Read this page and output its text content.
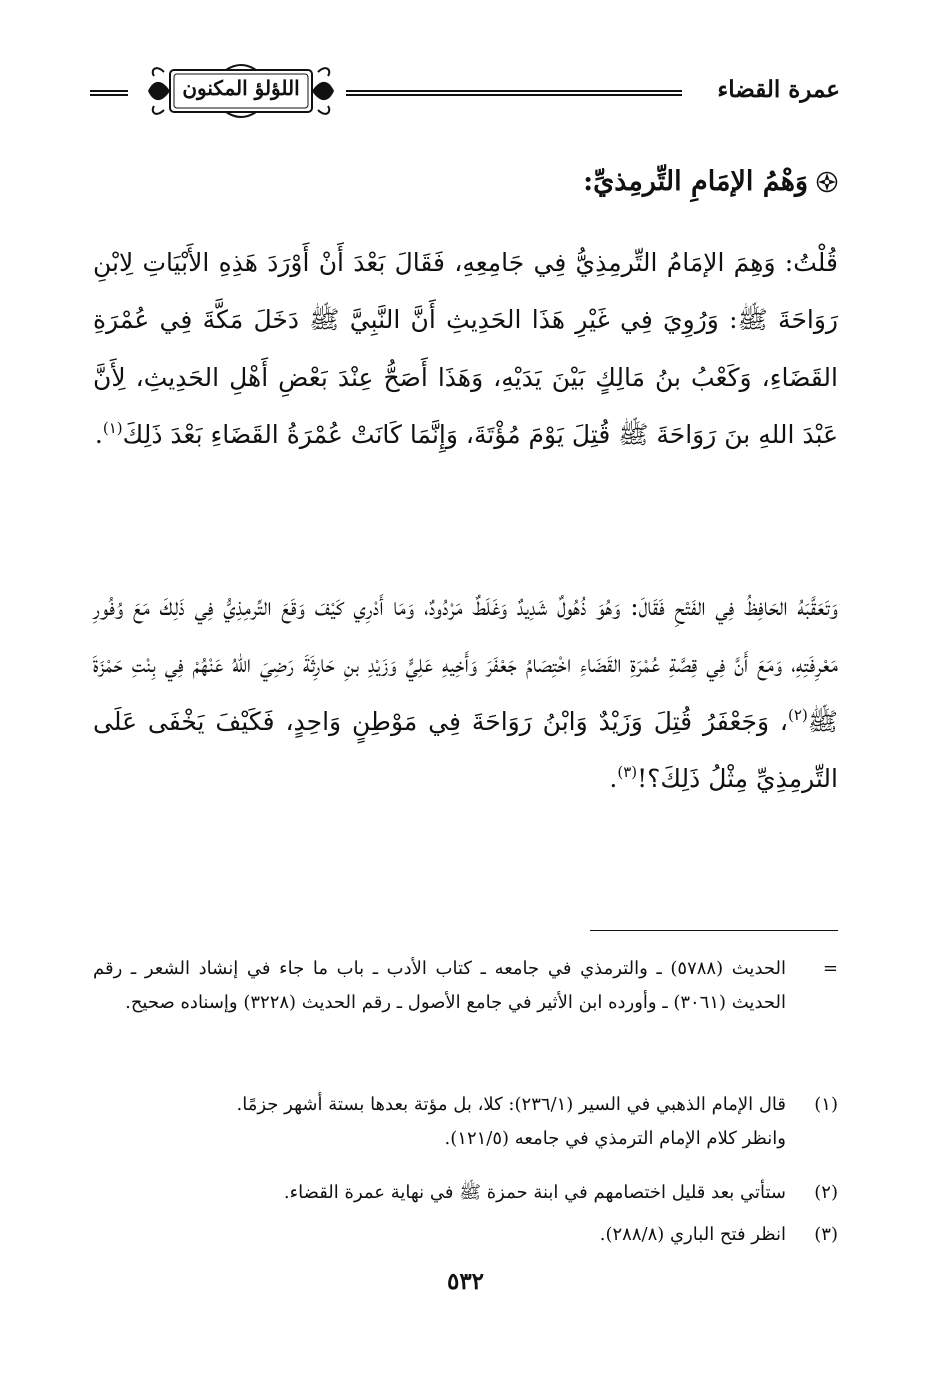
عمرة القضاء
اللؤلؤ المكنون
وَهْمُ الإمَامِ التِّرمِذيِّ:

قُلْتُ: وَهِمَ الإمَامُ التِّرمِذِيُّ فِي جَامِعِهِ، فَقَالَ بَعْدَ أَنْ أَوْرَدَ هَذِهِ الأَبْيَاتِ لِابْنِ رَوَاحَةَ ﷺ: وَرُوِيَ فِي غَيْرِ هَذَا الحَدِيثِ أَنَّ النَّبِيَّ ﷺ دَخَلَ مَكَّةَ فِي عُمْرَةِ القَضَاءِ، وَكَعْبُ بنُ مَالِكٍ بَيْنَ يَدَيْهِ، وَهَذَا أَصَحُّ عِنْدَ بَعْضِ أَهْلِ الحَدِيثِ، لِأَنَّ عَبْدَ اللهِ بنَ رَوَاحَةَ ﷺ قُتِلَ يَوْمَ مُؤْتَةَ، وَإِنَّمَا كَانَتْ عُمْرَةُ القَضَاءِ بَعْدَ ذَلِكَ$^{(١)}$.

وَتَعَقَّبَهُ الحَافِظُ فِي الفَتْحِ فَقَالَ: وَهُوَ ذُهُولٌ شَدِيدٌ وَغَلَطٌ مَرْدُودٌ، وَمَا أَدْرِي كَيْفَ وَقَعَ التِّرمِذِيُّ فِي ذَلِكَ مَعَ وُفُورِ مَعْرِفَتِهِ، وَمَعَ أَنَّ فِي قِصَّةِ عُمْرَةِ القَضَاءِ اخْتِصَامُ جَعْفَرَ وَأَخِيهِ عَلِيٍّ وَزَيْدِ بنِ حَارِثَةَ رَضِيَ اللهُ عَنْهُمْ فِي بِنْتِ حَمْزَةَ ﷺ$^{(٢)}$، وَجَعْفَرُ قُتِلَ وَزَيْدٌ وَابْنُ رَوَاحَةَ فِي مَوْطِنٍ وَاحِدٍ، فَكَيْفَ يَخْفَى عَلَى التِّرمِذِيِّ مِثْلُ ذَلِكَ؟!$^{(٣)}$.

=
الحديث (٥٧٨٨) ـ والترمذي في جامعه ـ كتاب الأدب ـ باب ما جاء في إنشاد الشعر ـ رقم الحديث (٣٠٦١) ـ وأورده ابن الأثير في جامع الأصول ـ رقم الحديث (٣٢٢٨) وإسناده صحيح.
(١)
قال الإمام الذهبي في السير (٢٣٦/١): كلا، بل مؤتة بعدها بستة أشهر جزمًا.
وانظر كلام الإمام الترمذي في جامعه (١٢١/٥).
(٢)
ستأتي بعد قليل اختصامهم في ابنة حمزة ﷺ في نهاية عمرة القضاء.
(٣)
انظر فتح الباري (٢٨٨/٨).
٥٣٢
